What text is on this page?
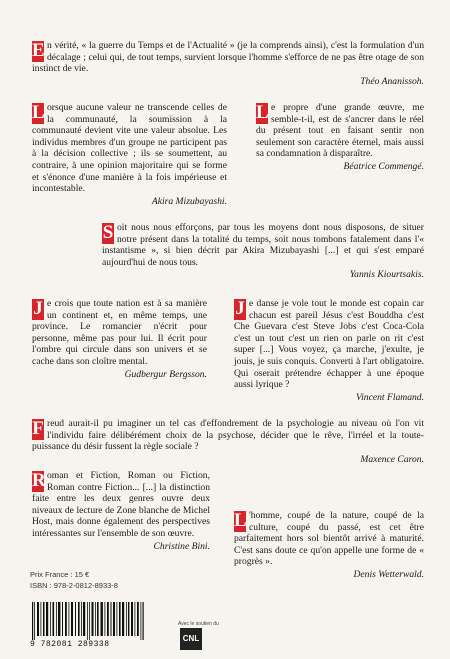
E n vérité, « la guerre du Temps et de l'Actualité » (je la comprends ainsi), c'est la formulation d'un décalage ; celui qui, de tout temps, survient lorsque l'homme s'efforce de ne pas être otage de son instinct de vie.

Théo Ananissoh.

L orsque aucune valeur ne transcende celles de la communauté, la soumission à la communauté devient vite une valeur absolue. Les individus membres d'un groupe ne participent pas à la décision collective ; ils se soumettent, au contraire, à une opinion majoritaire qui se forme et s'énonce d'une manière à la fois impérieuse et incontestable.

Akira Mizubayashi.

L e propre d'une grande œuvre, me semble-t-il, est de s'ancrer dans le réel du présent tout en faisant sentir non seulement son caractère éternel, mais aussi sa condamnation à disparaître.

Béatrice Commengé.

S oit nous nous efforçons, par tous les moyens dont nous disposons, de situer notre présent dans la totalité du temps, soit nous tombons fatalement dans l'« instantisme », si bien décrit par Akira Mizubayashi [...] et qui s'est emparé aujourd'hui de nous tous.

Yannis Kiourtsakis.

J e crois que toute nation est à sa manière un continent et, en même temps, une province. Le romancier n'écrit pour personne, même pas pour lui. Il écrit pour l'ombre qui circule dans son univers et se cache dans son cloître mental.

Gudbergur Bergsson.

J e danse je vole tout le monde est copain car chacun est pareil Jésus c'est Bouddha c'est Che Guevara c'est Steve Jobs c'est Coca-Cola c'est un tout c'est un rien on parle on rit c'est super [...] Vous voyez, ça marche, j'exulte, je jouis, je suis conquis. Converti à l'art obligatoire. Qui oserait prétendre échapper à une époque aussi lyrique ?

Vincent Flamand.

F reud aurait-il pu imaginer un tel cas d'effondrement de la psychologie au niveau où l'on vit l'individu faire délibérément choix de la psychose, décider que le rêve, l'irréel et la toute-puissance du désir fussent la règle sociale ?

Maxence Caron.

R oman et Fiction, Roman ou Fiction, Roman contre Fiction... [...] la distinction faite entre les deux genres ouvre deux niveaux de lecture de Zone blanche de Michel Host, mais donne également des perspectives intéressantes sur l'ensemble de son œuvre.

Christine Bini.

L 'homme, coupé de la nature, coupé de la culture, coupé du passé, est cet être parfaitement hors sol bientôt arrivé à maturité. C'est sans doute ce qu'on appelle une forme de « progrès ».

Denis Wetterwald.
Prix France : 15 €
ISBN : 978-2-0812-8933-8
9 782081 289338
Avec le soutien du
CNL
